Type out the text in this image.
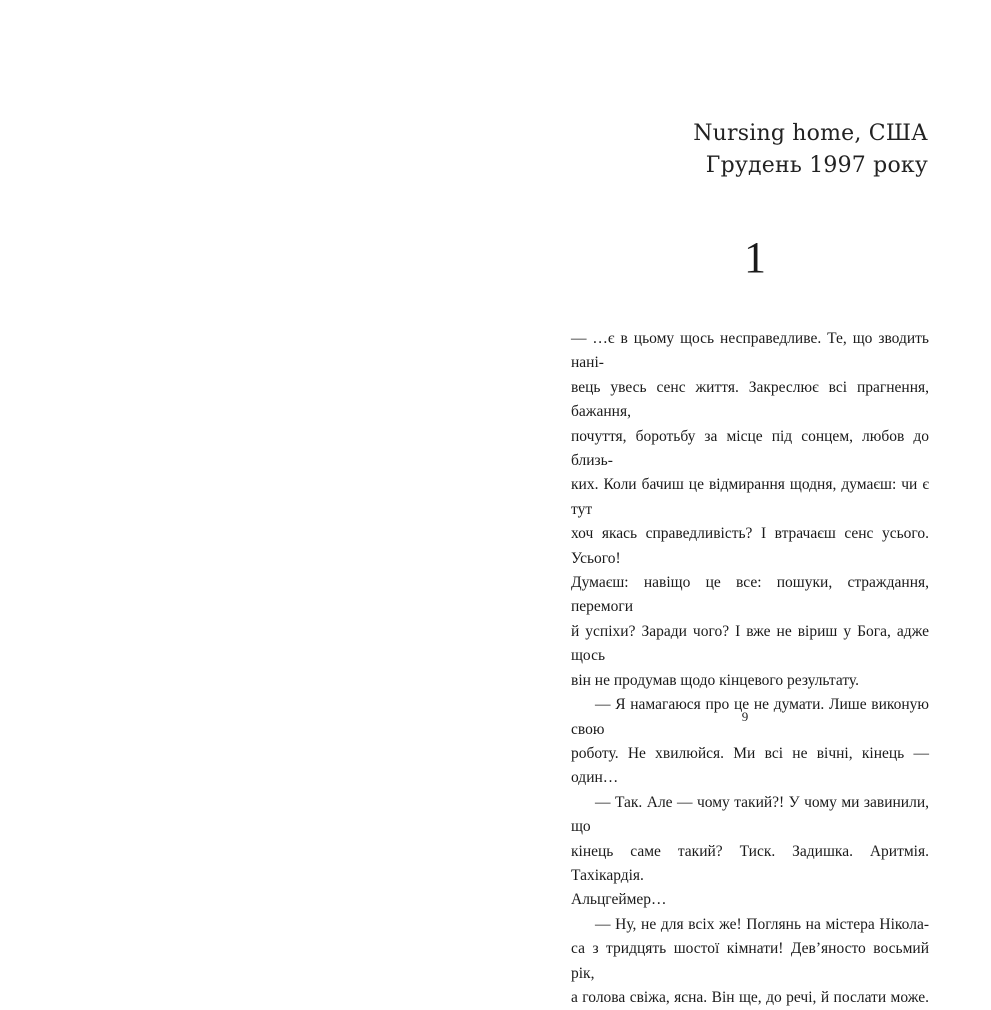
Nursing home, США
Грудень 1997 року
1
— …є в цьому щось несправедливе. Те, що зводить нані-
вець увесь сенс життя. Закреслює всі прагнення, бажання,
почуття, боротьбу за місце під сонцем, любов до близь-
ких. Коли бачиш це відмирання щодня, думаєш: чи є тут
хоч якась справедливість? І втрачаєш сенс усього. Усього!
Думаєш: навіщо це все: пошуки, страждання, перемоги
й успіхи? Заради чого? І вже не віриш у Бога, адже щось
він не продумав щодо кінцевого результату.
— Я намагаюся про це не думати. Лише виконую свою
роботу. Не хвилюйся. Ми всі не вічні, кінець — один…
— Так. Але — чому такий?! У чому ми завинили, що
кінець саме такий? Тиск. Задишка. Аритмія. Тахікардія.
Альцгеймер…
— Ну, не для всіх же! Поглянь на містера Нікола-
са з тридцять шостої кімнати! Дев’яносто восьмий рік,
а голова свіжа, ясна. Він ще, до речі, й послати може.
9
